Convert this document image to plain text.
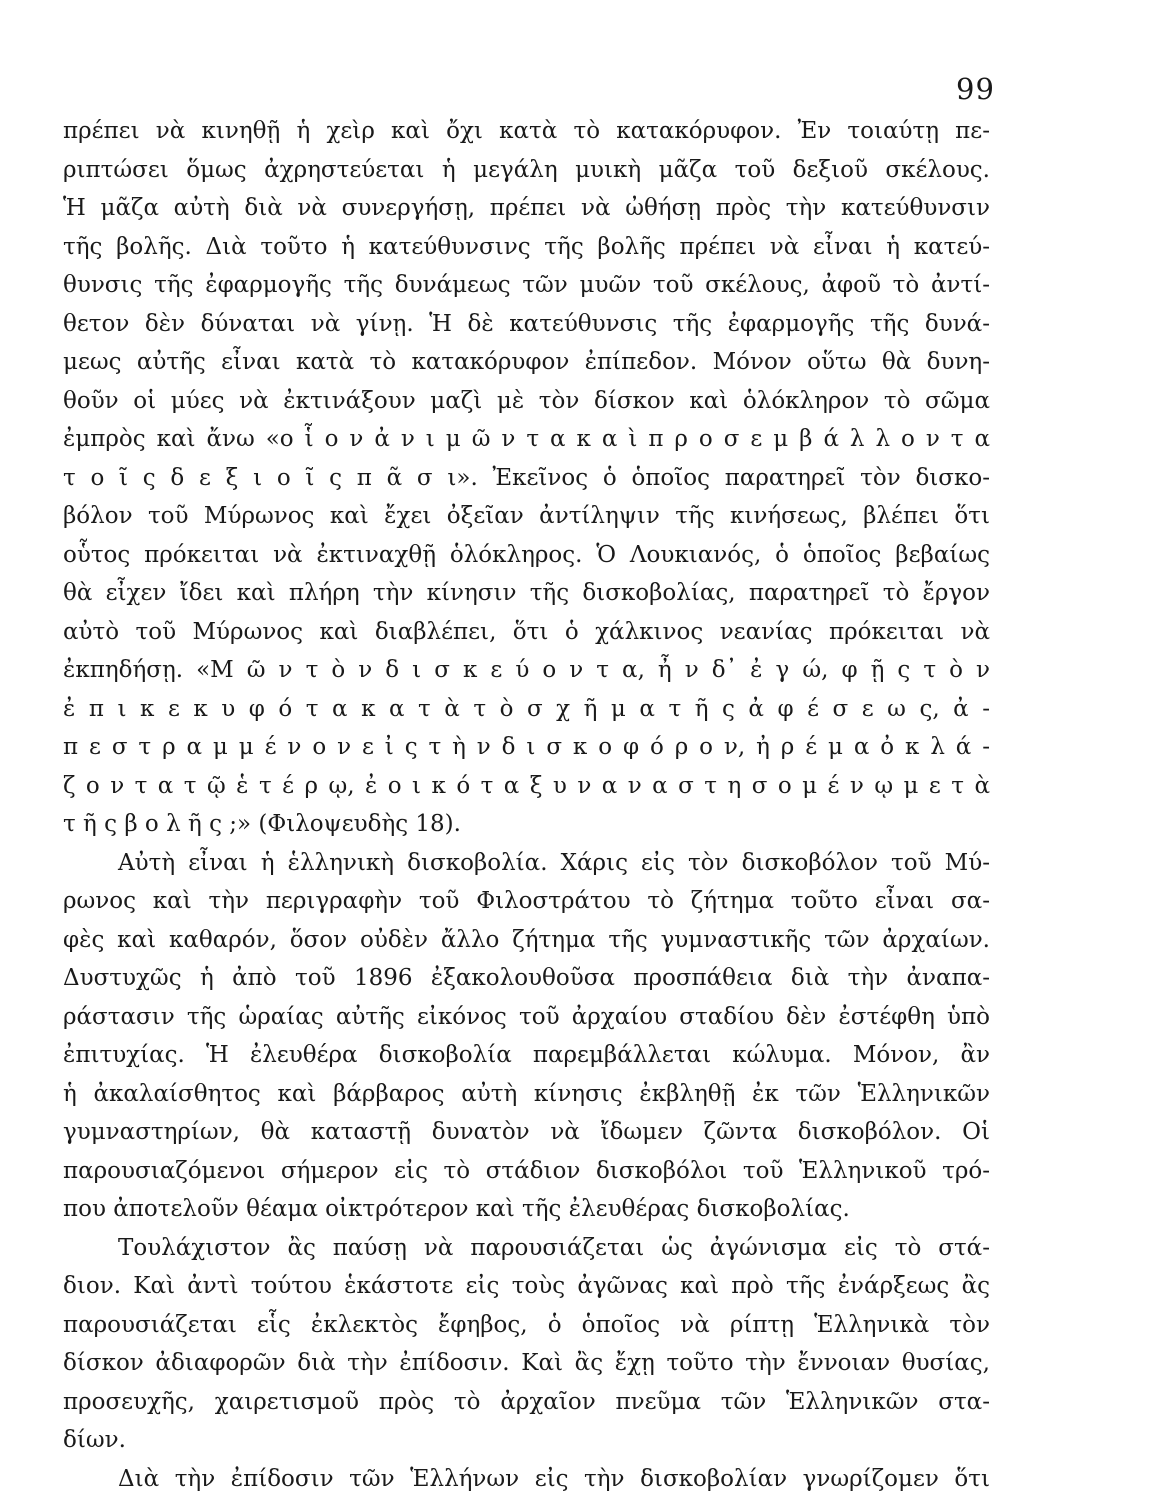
99
πρέπει νὰ κινηθῇ ἡ χεὶρ καὶ ὄχι κατὰ τὸ κατακόρυφον. Ἐν τοιαύτῃ πε-
ριπτώσει ὅμως ἀχρηστεύεται ἡ μεγάλη μυικὴ μᾶζα τοῦ δεξιοῦ σκέλους.
Ἡ μᾶζα αὐτὴ διὰ νὰ συνεργήσῃ, πρέπει νὰ ὠθήσῃ πρὸς τὴν κατεύθυνσιν
τῆς βολῆς. Διὰ τοῦτο ἡ κατεύθυνσινς τῆς βολῆς πρέπει νὰ εἶναι ἡ κατεύ-
θυνσις τῆς ἐφαρμογῆς τῆς δυνάμεως τῶν μυῶν τοῦ σκέλους, ἀφοῦ τὸ ἀντί-
θετον δὲν δύναται νὰ γίνῃ. Ἡ δὲ κατεύθυνσις τῆς ἐφαρμογῆς τῆς δυνά-
μεως αὐτῆς εἶναι κατὰ τὸ κατακόρυφον ἐπίπεδον. Μόνον οὕτω θὰ δυνη-
θοῦν οἱ μύες νὰ ἐκτινάξουν μαζὶ μὲ τὸν δίσκον καὶ ὁλόκληρον τὸ σῶμα
ἐμπρὸς καὶ ἄνω «ο ἷ ο ν ἀ ν ι μ ῶ ν τ α κ α ὶ π ρ ο σ ε μ β ά λ λ ο ν τ α
τ ο ῖ ς δ ε ξ ι ο ῖ ς π ᾶ σ ι». Ἐκεῖνος ὁ ὁποῖος παρατηρεῖ τὸν δισκο-
βόλον τοῦ Μύρωνος καὶ ἔχει ὀξεῖαν ἀντίληψιν τῆς κινήσεως, βλέπει ὅτι
οὗτος πρόκειται νὰ ἐκτιναχθῇ ὁλόκληρος. Ὁ Λουκιανός, ὁ ὁποῖος βεβαίως
θὰ εἶχεν ἴδει καὶ πλήρη τὴν κίνησιν τῆς δισκοβολίας, παρατηρεῖ τὸ ἔργον
αὐτὸ τοῦ Μύρωνος καὶ διαβλέπει, ὅτι ὁ χάλκινος νεανίας πρόκειται νὰ
ἐκπηδήσῃ. «Μ ῶ ν τ ὸ ν δ ι σ κ ε ύ ο ν τ α, ἦ ν δ᾽ ἐ γ ώ, φ ῇ ς τ ὸ ν
ἐ π ι κ ε κ υ φ ό τ α κ α τ ὰ τ ὸ σ χ ῆ μ α τ ῆ ς ἀ φ έ σ ε ω ς, ἀ -
π ε σ τ ρ α μ μ έ ν ο ν ε ἰ ς τ ὴ ν δ ι σ κ ο φ ό ρ ο ν, ἠ ρ έ μ α ὀ κ λ ά -
ζ ο ν τ α τ ῷ ἑ τ έ ρ ῳ, ἐ ο ι κ ό τ α ξ υ ν α ν α σ τ η σ ο μ έ ν ῳ μ ε τ ὰ
τ ῆ ς β ο λ ῆ ς ;» (Φιλοψευδὴς 18).
Αὐτὴ εἶναι ἡ ἑλληνικὴ δισκοβολία. Χάρις εἰς τὸν δισκοβόλον τοῦ Μύ-
ρωνος καὶ τὴν περιγραφὴν τοῦ Φιλοστράτου τὸ ζήτημα τοῦτο εἶναι σα-
φὲς καὶ καθαρόν, ὅσον οὐδὲν ἄλλο ζήτημα τῆς γυμναστικῆς τῶν ἀρχαίων.
Δυστυχῶς ἡ ἀπὸ τοῦ 1896 ἐξακολουθοῦσα προσπάθεια διὰ τὴν ἀναπα-
ράστασιν τῆς ὡραίας αὐτῆς εἰκόνος τοῦ ἀρχαίου σταδίου δὲν ἐστέφθη ὑπὸ
ἐπιτυχίας. Ἡ ἐλευθέρα δισκοβολία παρεμβάλλεται κώλυμα. Μόνον, ἂν
ἡ ἀκαλαίσθητος καὶ βάρβαρος αὐτὴ κίνησις ἐκβληθῇ ἐκ τῶν Ἑλληνικῶν
γυμναστηρίων, θὰ καταστῇ δυνατὸν νὰ ἴδωμεν ζῶντα δισκοβόλον. Οἱ
παρουσιαζόμενοι σήμερον εἰς τὸ στάδιον δισκοβόλοι τοῦ Ἑλληνικοῦ τρό-
που ἀποτελοῦν θέαμα οἰκτρότερον καὶ τῆς ἐλευθέρας δισκοβολίας.
Τουλάχιστον ἂς παύσῃ νὰ παρουσιάζεται ὡς ἀγώνισμα εἰς τὸ στά-
διον. Καὶ ἀντὶ τούτου ἑκάστοτε εἰς τοὺς ἀγῶνας καὶ πρὸ τῆς ἐνάρξεως ἂς
παρουσιάζεται εἷς ἐκλεκτὸς ἔφηβος, ὁ ὁποῖος νὰ ρίπτῃ Ἑλληνικὰ τὸν
δίσκον ἀδιαφορῶν διὰ τὴν ἐπίδοσιν. Καὶ ἂς ἔχῃ τοῦτο τὴν ἔννοιαν θυσίας,
προσευχῆς, χαιρετισμοῦ πρὸς τὸ ἀρχαῖον πνεῦμα τῶν Ἑλληνικῶν στα-
δίων.
Διὰ τὴν ἐπίδοσιν τῶν Ἑλλήνων εἰς τὴν δισκοβολίαν γνωρίζομεν ὅτι
